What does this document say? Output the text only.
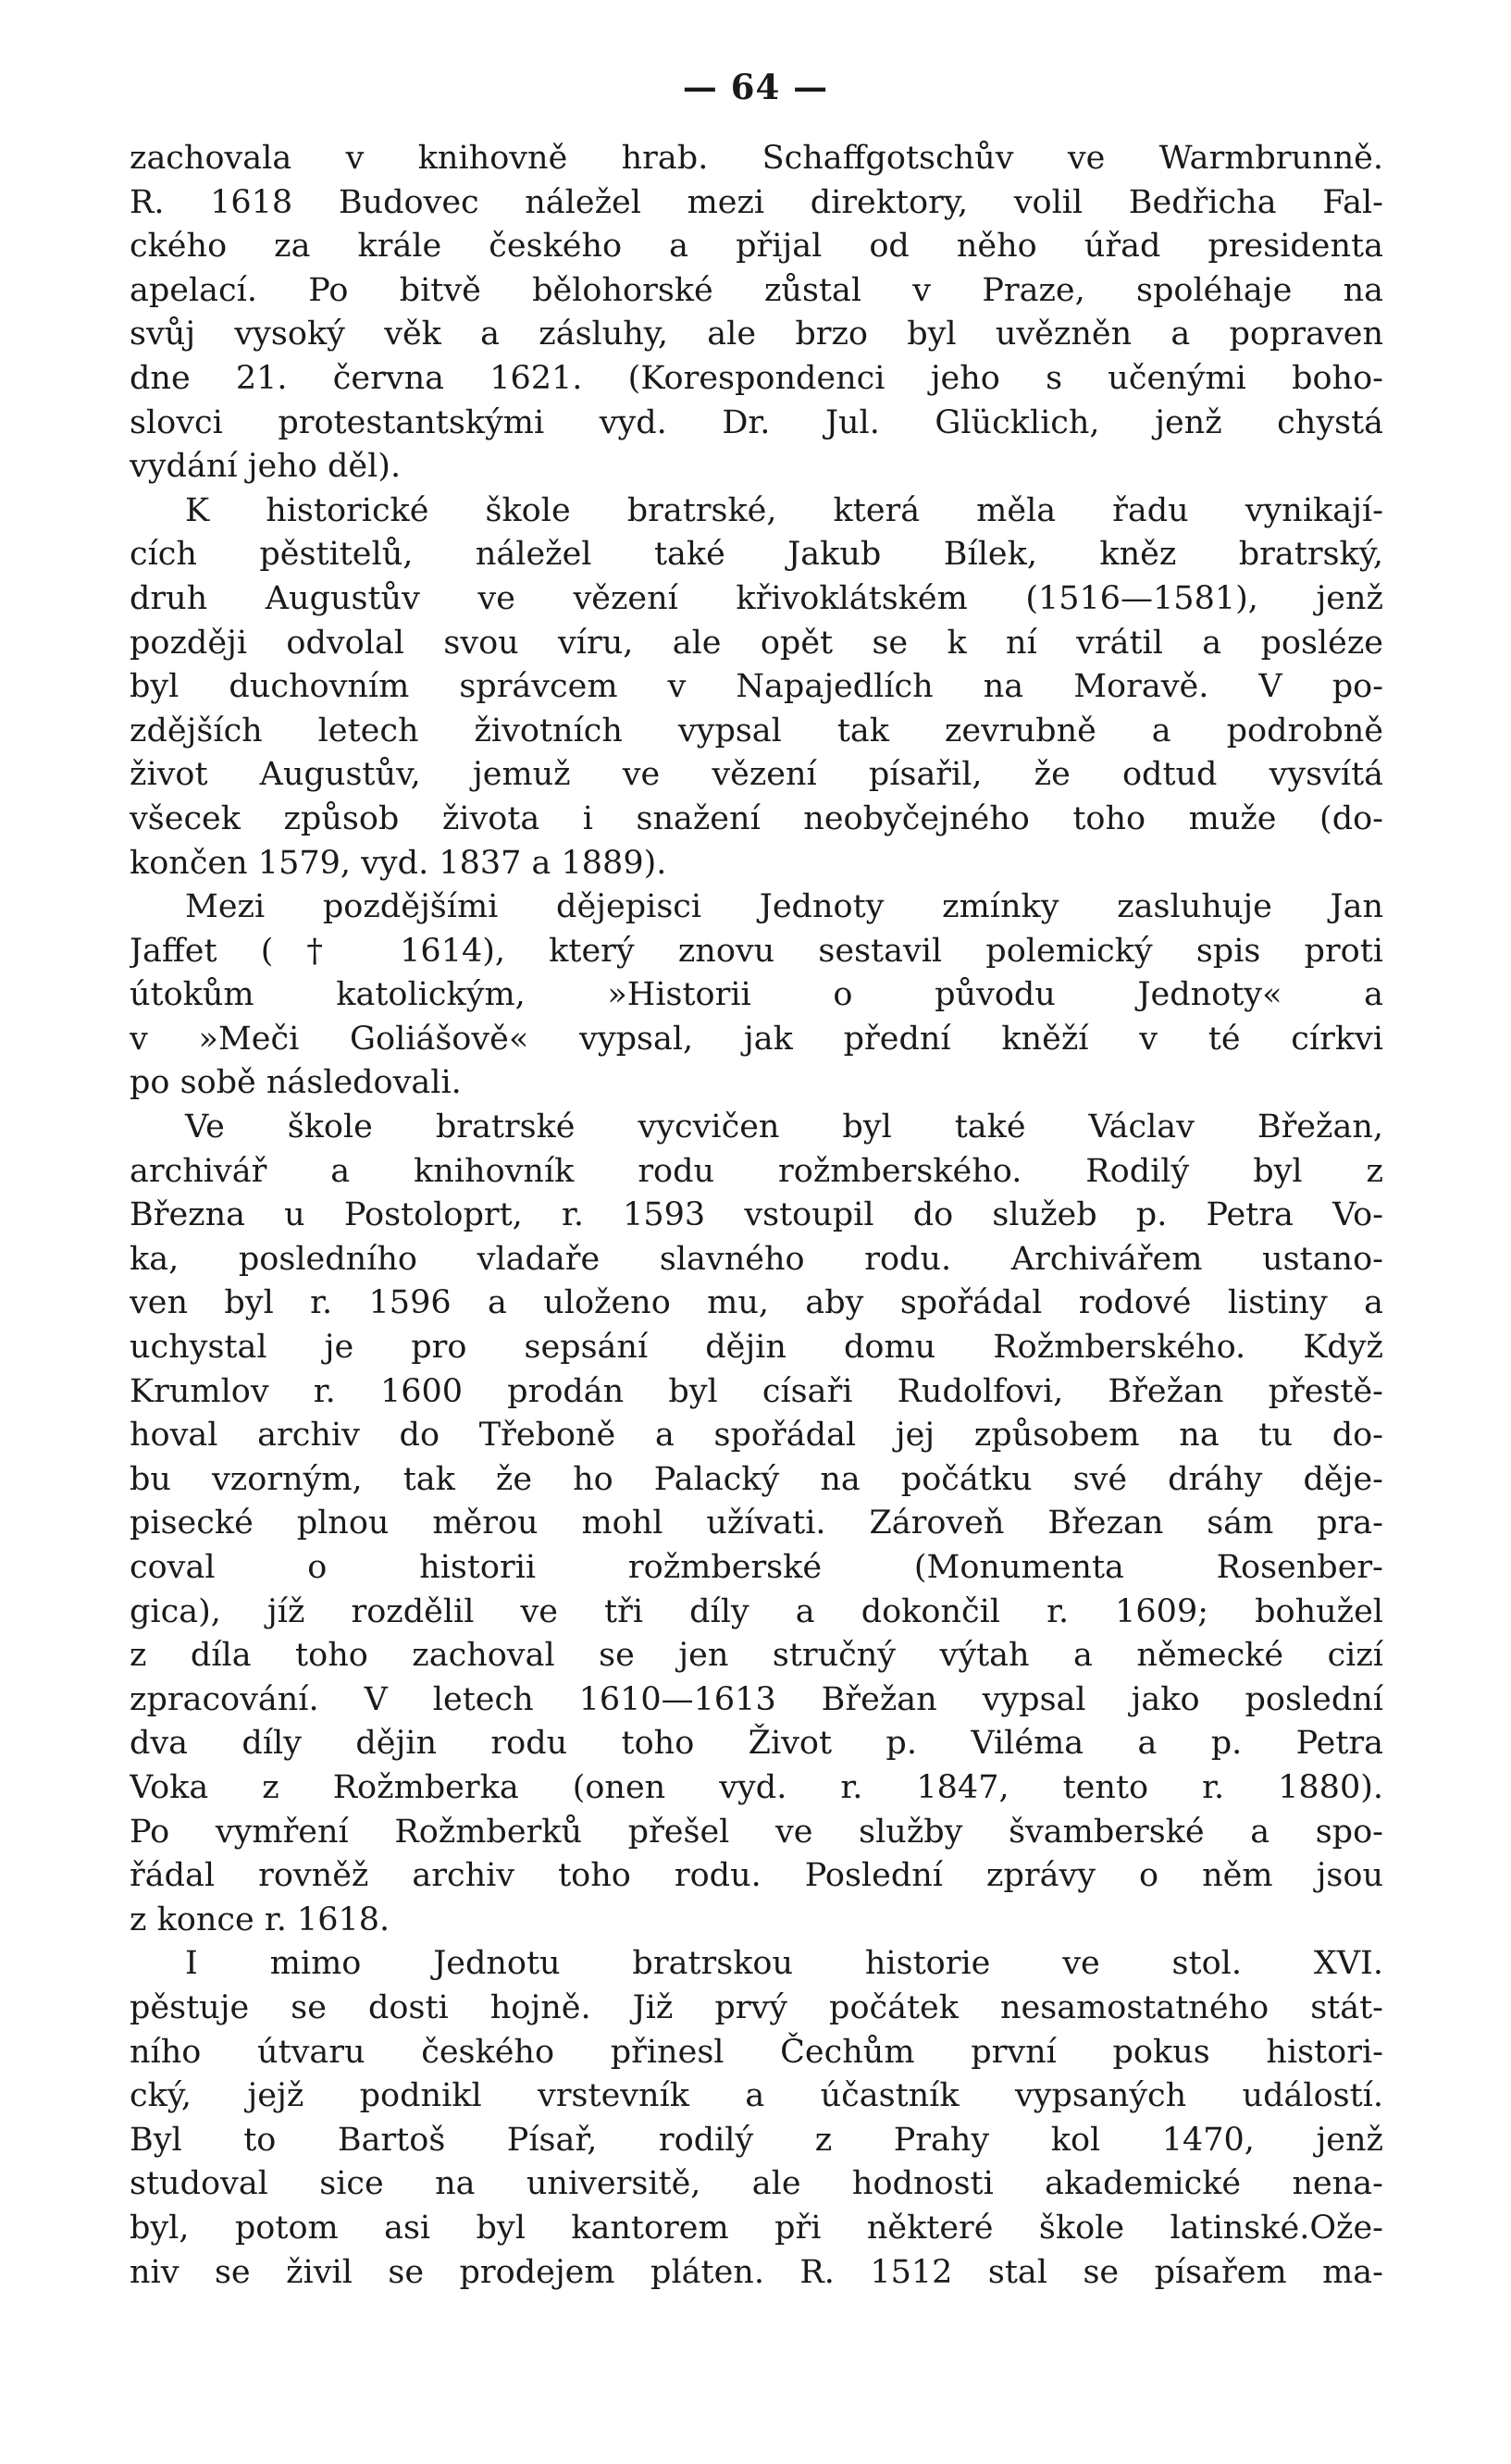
— 64 —
zachovala v knihovně hrab. Schaffgotschův ve Warmbrunně.
R. 1618 Budovec náležel mezi direktory, volil Bedřicha Fal-
ckého za krále českého a přijal od něho úřad presidenta
apelací. Po bitvě bělohorské zůstal v Praze, spoléhaje na
svůj vysoký věk a zásluhy, ale brzo byl uvězněn a popraven
dne 21. června 1621. (Korespondenci jeho s učenými boho-
slovci protestantskými vyd. Dr. Jul. Glücklich, jenž chystá
vydání jeho děl).
K historické škole bratrské, která měla řadu vynikají-
cích pěstitelů, náležel také Jakub Bílek, kněz bratrský,
druh Augustův ve vězení křivoklátském (1516—1581), jenž
později odvolal svou víru, ale opět se k ní vrátil a posléze
byl duchovním správcem v Napajedlích na Moravě. V po-
zdějších letech životních vypsal tak zevrubně a podrobně
život Augustův, jemuž ve vězení písařil, že odtud vysvítá
všecek způsob života i snažení neobyčejného toho muže (do-
končen 1579, vyd. 1837 a 1889).
Mezi pozdějšími dějepisci Jednoty zmínky zasluhuje Jan
Jaffet († 1614), který znovu sestavil polemický spis proti
útokům katolickým, »Historii o původu Jednoty« a
v »Meči Goliášově« vypsal, jak přední kněží v té církvi
po sobě následovali.
Ve škole bratrské vycvičen byl také Václav Břežan,
archivář a knihovník rodu rožmberského. Rodilý byl z
Března u Postoloprt, r. 1593 vstoupil do služeb p. Petra Vo-
ka, posledního vladaře slavného rodu. Archivářem ustano-
ven byl r. 1596 a uloženo mu, aby spořádal rodové listiny a
uchystal je pro sepsání dějin domu Rožmberského. Když
Krumlov r. 1600 prodán byl císaři Rudolfovi, Břežan přestě-
hoval archiv do Třeboně a spořádal jej způsobem na tu do-
bu vzorným, tak že ho Palacký na počátku své dráhy děje-
pisecké plnou měrou mohl užívati. Zároveň Březan sám pra-
coval o historii rožmberské (Monumenta Rosenber-
gica), jíž rozdělil ve tři díly a dokončil r. 1609; bohužel
z díla toho zachoval se jen stručný výtah a německé cizí
zpracování. V letech 1610—1613 Břežan vypsal jako poslední
dva díly dějin rodu toho Život p. Viléma a p. Petra
Voka z Rožmberka (onen vyd. r. 1847, tento r. 1880).
Po vymření Rožmberků přešel ve služby švamberské a spo-
řádal rovněž archiv toho rodu. Poslední zprávy o něm jsou
z konce r. 1618.
I mimo Jednotu bratrskou historie ve stol. XVI.
pěstuje se dosti hojně. Již prvý počátek nesamostatného stát-
ního útvaru českého přinesl Čechům první pokus histori-
cký, jejž podnikl vrstevník a účastník vypsaných událostí.
Byl to Bartoš Písař, rodilý z Prahy kol 1470, jenž
studoval sice na universitě, ale hodnosti akademické nena-
byl, potom asi byl kantorem při některé škole latinské.Ože-
niv se živil se prodejem pláten. R. 1512 stal se písařem ma-
